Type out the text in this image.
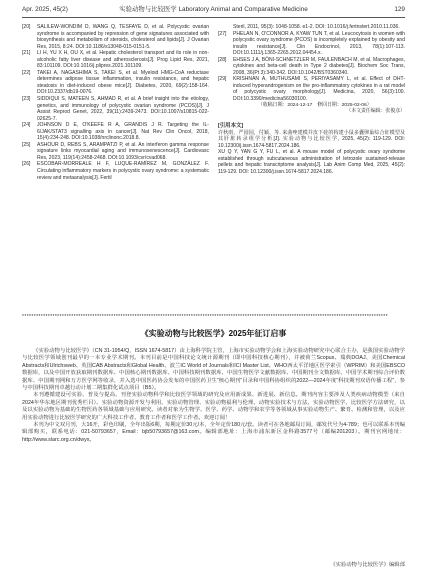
Apr. 2025, 45(2)	实验动物与比较医学 Laboratory Animal and Comparative Medicine	129
[20]	SALILEW-WONDIM D, WANG Q, TESFAYE D, et al. Polycystic ovarian syndrome is accompanied by repression of gene signatures associated with biosynthesis and metabolism of steroids, cholesterol and lipids[J]. J Ovarian Res, 2015, 8:24. DOI:10.1186/s13048-015-0151-5.
[21]	LI H, YU X H, OU X, et al. Hepatic cholesterol transport and its role in non-alcoholic fatty liver disease and atherosclerosis[J]. Prog Lipid Res, 2021, 83:101109. DOI:10.1016/j.plipres.2021.101109.
[22]	TAKEI A, NAGASHIMA S, TAKEI S, et al. Myeloid HMG-CoA reductase determines adipose tissue inflammation, insulin resistance, and hepatic steatosis in diet-induced obese mice[J]. Diabetes, 2020, 69(2):158-164. DOI:10.2337/db19-0076.
[23]	SIDDIQUI S, MATEEN S, AHMAD R, et al. A brief insight into the etiology, genetics, and immunology of polycystic ovarian syndrome (PCOS)[J]. J Assist Reprod Genet, 2022, 39(11):2439-2473. DOI:10.1007/s10815-022-02625-7.
[24]	JOHNSON D E, O'KEEFE R A, GRANDIS J R. Targeting the IL-6/JAK/STAT3 signalling axis in cancer[J]. Nat Rev Clin Oncol, 2018, 15(4):234-248. DOI:10.1038/nrclinonc.2018.8.
[25]	ASHOUR D, REBS S, ARAMPATZI P, et al. An interferon gamma response signature links myocardial aging and immunosenescence[J]. Cardiovasc Res, 2023, 119(14):2458-2468. DOI:10.1093/cvr/cvad068.
[26]	ESCOBAR-MORREALE H F, LUQUE-RAMÍREZ M, GONZÁLEZ F. Circulating inflammatory markers in polycystic ovary syndrome: a systematic review and metaanalysis[J]. Fertil
Steril, 2011, 95(3): 1048-1058. e1-2. DOI: 10.1016/j.fertnstert.2010.11.036.
[27]	PHELAN N, O'CONNOR A, KYAW TUN T, et al. Leucocytosis in women with polycystic ovary syndrome (PCOS) is incompletely explained by obesity and insulin resistance[J]. Clin Endocrinol, 2013, 78(1):107-113. DOI:10.1111/j.1365-2265.2012.04454.x.
[28]	EHSES J A, BÖNI-SCHNETZLER M, FAULENBACH M, et al. Macrophages, cytokines and beta-cell death in Type 2 diabetes[J]. Biochem Soc Trans, 2008, 36(Pt 3):340-342. DOI:10.1042/BST0360340.
[29]	KRISHNAN A, MUTHUSAMI S, PERIYASAMY L, et al. Effect of DHT-induced hyperandrogenism on the pro-inflammatory cytokines in a rat model of polycystic ovary morphology[J]. Medicina, 2020, 56(3):100. DOI:10.3390/medicina56030100.
（收稿日期：2024-12-17　修回日期：2025-02-06）
（本文责任编辑：张俊彦）
[引用本文]
许秋雨，严园园，付颖，等. 来曲唑建模并皮下硅的构建小鼠多囊卵巢综合征模型及其肝脏转录组学分析[J]. 实验动物与比较医学, 2025, 45(2): 119-129. DOI: 10.12300/j.issn.1674-5817.2024.186.
XU Q Y, YAN G Y, FU L, et al. A mouse model of polycystic ovary syndrome established through subcutaneous administration of letrozole sustained-release pellets and hepatic transcriptome analysis[J]. Lab Anim Comp Med, 2025, 45(2): 119-129. DOI: 10.12300/j.issn.1674-5817.2024.186.
************************************************************************************************************************************************************
《实验动物与比较医学》2025年征订启事

《实验动物与比较医学》（CN 31-1954/Q，ISSN 1674-5817）由上海科学院主管，上海市实验动物学会和上海实验动物研究中心联合主办，是我国实验动物学与比较医学领域创刊最早的一本专业学术期刊。本刊目前是中国科技论文统计源期刊（即中国科技核心期刊），并被荷兰Scopus、瑞典DOAJ、美国Chemical Abstracts和Ulrichsweb、英国CAB Abstracts和Global Health、波兰IC World of Journals和ICI Master List、WHO西太平洋地区医学索引（WPRIM）和美国EBSCO数据库，以及中国开放获取期刊数据库、中国核心期刊数据库、中国科技期刊数据库、中国生物医学文献数据库、中国期刊全文数据库、中国学术期刊综合评价数据库、中国期刊网和万方医学网等收录，并入选中国医药协会发布的中国医药卫生“核心期刊”目录和中国科协组织的2022—2024年度“科技期刊双语传播工程”，参与中国科技期刊卓越行动计划二期集群化试点项目（B5）。

本刊遵循建设可实验、普及与提高、刊登实验动物科学和比较医学领域的研究及应用新成果、新进展、新信息。期刊内容主要涉及人类疾病动物模型（来自2024年华东地区期刊优秀栏目）、实验动物资源开发与利用、实验动物管理、实验动物福利与伦理、动物实验技术与方法、实验动物医学、比较医学方法研究，以及以实验动物为基础的生物医药各领域基础与应用研究。读者对象为生物学、医学、药学、动物学和农学等各领域从事实验动物生产、繁育、检测和管理，以及应用实验动物进行比较医学研究的广大科技工作者、教育工作者和医学工作者。欢迎订阅！

本刊为中文双月刊，大16开，彩色印刷，全年出版6期，每期定价30元/本，全年定价180元/套。读者可在各地邮局订阅，邮发代号为4-789；也可以联系本刊编辑部购买，联系电话：021-50793657，Email：bjb50793657@163.com。编辑部地址：上海市浦东新区金科路3577号（邮编201203）。期刊官网地址：http://www.slarc.org.cn/dwyx。

《实验动物与比较医学》编辑部
